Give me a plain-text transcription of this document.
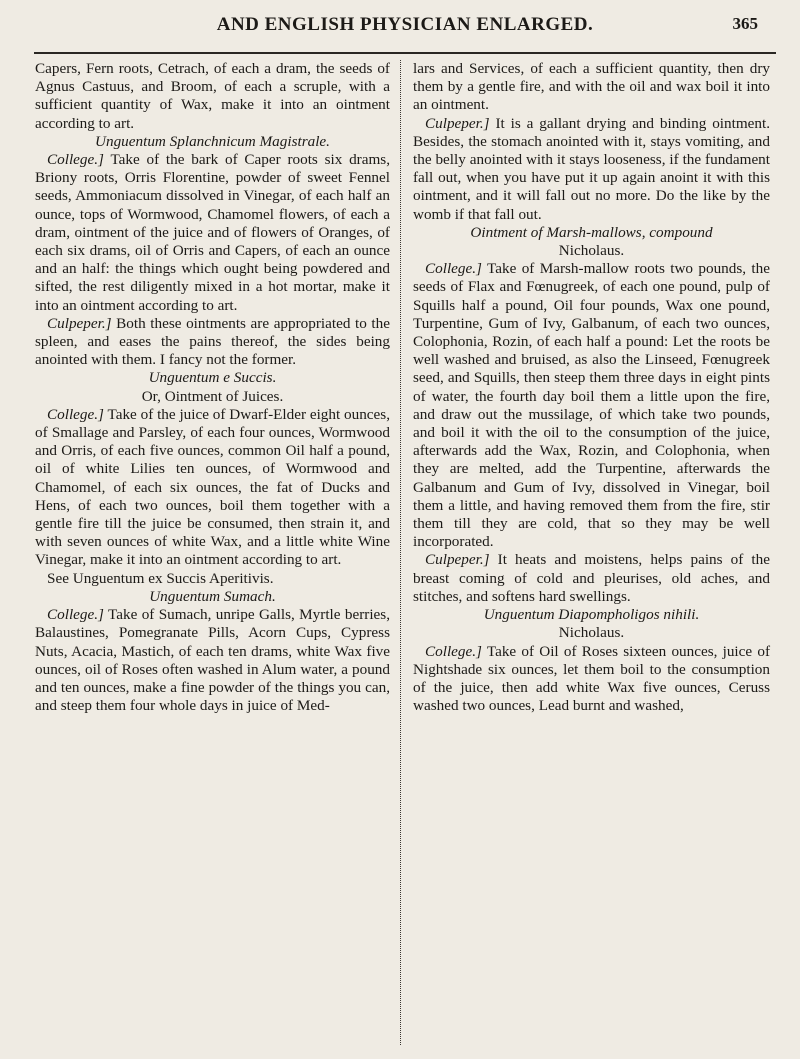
AND ENGLISH PHYSICIAN ENLARGED.	365

Capers, Fern roots, Cetrach, of each a dram, the seeds of Agnus Castuus, and Broom, of each a scruple, with a sufficient quantity of Wax, make it into an ointment according to art.

Unguentum Splanchnicum Magistrale.

College.] Take of the bark of Caper roots six drams, Briony roots, Orris Florentine, powder of sweet Fennel seeds, Ammoniacum dissolved in Vinegar, of each half an ounce, tops of Wormwood, Chamomel flowers, of each a dram, ointment of the juice and of flowers of Oranges, of each six drams, oil of Orris and Capers, of each an ounce and an half: the things which ought being powdered and sifted, the rest diligently mixed in a hot mortar, make it into an ointment according to art.

Culpeper.] Both these ointments are appropriated to the spleen, and eases the pains thereof, the sides being anointed with them. I fancy not the former.

Unguentum e Succis.

Or, Ointment of Juices.

College.] Take of the juice of Dwarf-Elder eight ounces, of Smallage and Parsley, of each four ounces, Wormwood and Orris, of each five ounces, common Oil half a pound, oil of white Lilies ten ounces, of Wormwood and Chamomel, of each six ounces, the fat of Ducks and Hens, of each two ounces, boil them together with a gentle fire till the juice be consumed, then strain it, and with seven ounces of white Wax, and a little white Wine Vinegar, make it into an ointment according to art.

See Unguentum ex Succis Aperitivis.

Unguentum Sumach.

College.] Take of Sumach, unripe Galls, Myrtle berries, Balaustines, Pomegranate Pills, Acorn Cups, Cypress Nuts, Acacia, Mastich, of each ten drams, white Wax five ounces, oil of Roses often washed in Alum water, a pound and ten ounces, make a fine powder of the things you can, and steep them four whole days in juice of Med-

lars and Services, of each a sufficient quantity, then dry them by a gentle fire, and with the oil and wax boil it into an ointment.

Culpeper.] It is a gallant drying and binding ointment. Besides, the stomach anointed with it, stays vomiting, and the belly anointed with it stays looseness, if the fundament fall out, when you have put it up again anoint it with this ointment, and it will fall out no more. Do the like by the womb if that fall out.

Ointment of Marsh-mallows, compound

Nicholaus.

College.] Take of Marsh-mallow roots two pounds, the seeds of Flax and Fœnugreek, of each one pound, pulp of Squills half a pound, Oil four pounds, Wax one pound, Turpentine, Gum of Ivy, Galbanum, of each two ounces, Colophonia, Rozin, of each half a pound: Let the roots be well washed and bruised, as also the Linseed, Fœnugreek seed, and Squills, then steep them three days in eight pints of water, the fourth day boil them a little upon the fire, and draw out the mussilage, of which take two pounds, and boil it with the oil to the consumption of the juice, afterwards add the Wax, Rozin, and Colophonia, when they are melted, add the Turpentine, afterwards the Galbanum and Gum of Ivy, dissolved in Vinegar, boil them a little, and having removed them from the fire, stir them till they are cold, that so they may be well incorporated.

Culpeper.] It heats and moistens, helps pains of the breast coming of cold and pleurises, old aches, and stitches, and softens hard swellings.

Unguentum Diapompholigos nihili.

Nicholaus.

College.] Take of Oil of Roses sixteen ounces, juice of Nightshade six ounces, let them boil to the consumption of the juice, then add white Wax five ounces, Ceruss washed two ounces, Lead burnt and washed,
